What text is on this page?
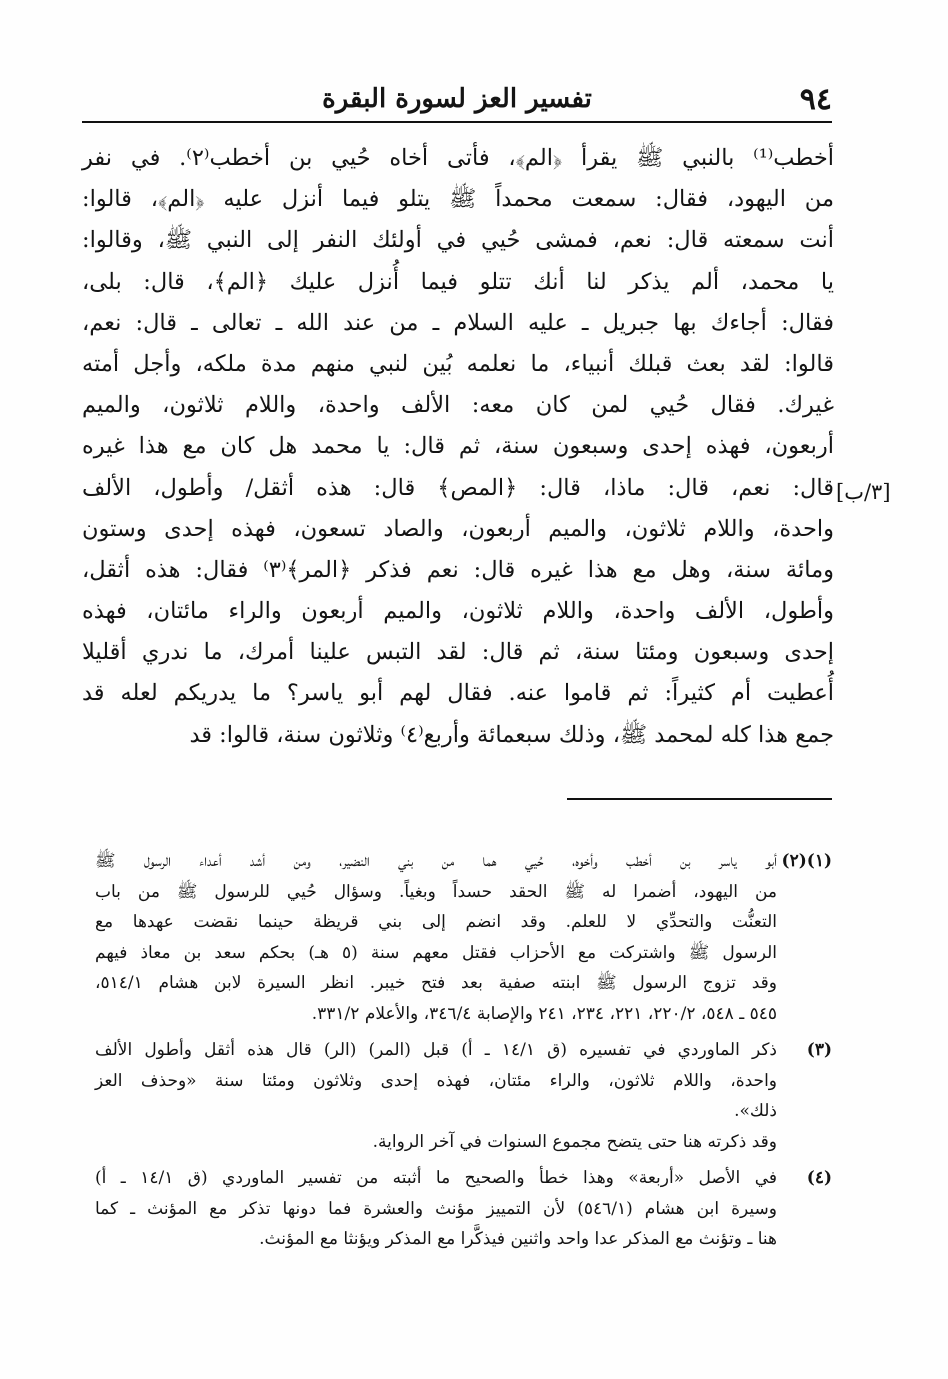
٩٤
تفسير العز لسورة البقرة
أخطب⁽¹⁾ بالنبي ﷺ يقرأ ﴿الم﴾، فأتى أخاه حُيي بن أخطب⁽٢⁾. في نفر
من اليهود، فقال: سمعت محمداً ﷺ يتلو فيما أنزل عليه ﴿الم﴾، قالوا:
أنت سمعته قال: نعم، فمشى حُيي في أولئك النفر إلى النبي ﷺ، وقالوا:
يا محمد، ألم يذكر لنا أنك تتلو فيما أُنزل عليك ﴿الم﴾، قال: بلى،
فقال: أجاءك بها جبريل ـ عليه السلام ـ من عند الله ـ تعالى ـ قال: نعم،
قالوا: لقد بعث قبلك أنبياء، ما نعلمه بُين لنبي منهم مدة ملكه، وأجل أمته
غيرك. فقال حُيي لمن كان معه: الألف واحدة، واللام ثلاثون، والميم
أربعون، فهذه إحدى وسبعون سنة، ثم قال: يا محمد هل كان مع هذا غيره
قال: نعم، قال: ماذا، قال: ﴿المص﴾ قال: هذه أثقل/ وأطول، الألف
واحدة، واللام ثلاثون، والميم أربعون، والصاد تسعون، فهذه إحدى وستون
ومائة سنة، وهل مع هذا غيره قال: نعم فذكر ﴿المر﴾⁽٣⁾ فقال: هذه أثقل،
وأطول، الألف واحدة، واللام ثلاثون، والميم أربعون والراء مائتان، فهذه
إحدى وسبعون ومئتا سنة، ثم قال: لقد التبس علينا أمرك، ما ندري أقليلا
أُعطيت أم كثيراً: ثم قاموا عنه. فقال لهم أبو ياسر؟ ما يدريكم لعله قد
جمع هذا كله لمحمد ﷺ، وذلك سبعمائة وأربع⁽٤⁾ وثلاثون سنة، قالوا: قد
[٣/ب]
(١)(٢)
أبو ياسر بن أخطب وأخوه، حُيي هما من بني النضير، ومن أشد أعداء الرسول ﷺ
من اليهود، أضمرا له ﷺ الحقد حسداً وبغياً. وسؤال حُيي للرسول ﷺ من باب
التعنُّت والتحدِّي لا للعلم. وقد انضم إلى بني قريظة حينما نقضت عهدها مع
الرسول ﷺ واشتركت مع الأحزاب فقتل معهم سنة (٥ هـ) بحكم سعد بن معاذ فيهم
وقد تزوج الرسول ﷺ ابنته صفية بعد فتح خيبر. انظر السيرة لابن هشام ٥١٤/١،
٥٤٥ ـ ٥٤٨، ٢٢٠/٢، ٢٢١، ٢٣٤، ٢٤١ والإصابة ٣٤٦/٤، والأعلام ٣٣١/٢.
(٣)
ذكر الماوردي في تفسيره (ق ١٤/١ ـ أ) قبل (المر) (الر) قال هذه أثقل وأطول الألف
واحدة، واللام ثلاثون، والراء مئتان، فهذه إحدى وثلاثون ومئتا سنة «وحذف العز
ذلك».
وقد ذكرته هنا حتى يتضح مجموع السنوات في آخر الرواية.
(٤)
في الأصل «أربعة» وهذا خطأ والصحيح ما أثبته من تفسير الماوردي (ق ١٤/١ ـ أ)
وسيرة ابن هشام (٥٤٦/١) لأن التمييز مؤنث والعشرة فما دونها تذكر مع المؤنث ـ كما
هنا ـ وتؤنث مع المذكر عدا واحد واثنين فيذكَّرا مع المذكر ويؤنثا مع المؤنث.
